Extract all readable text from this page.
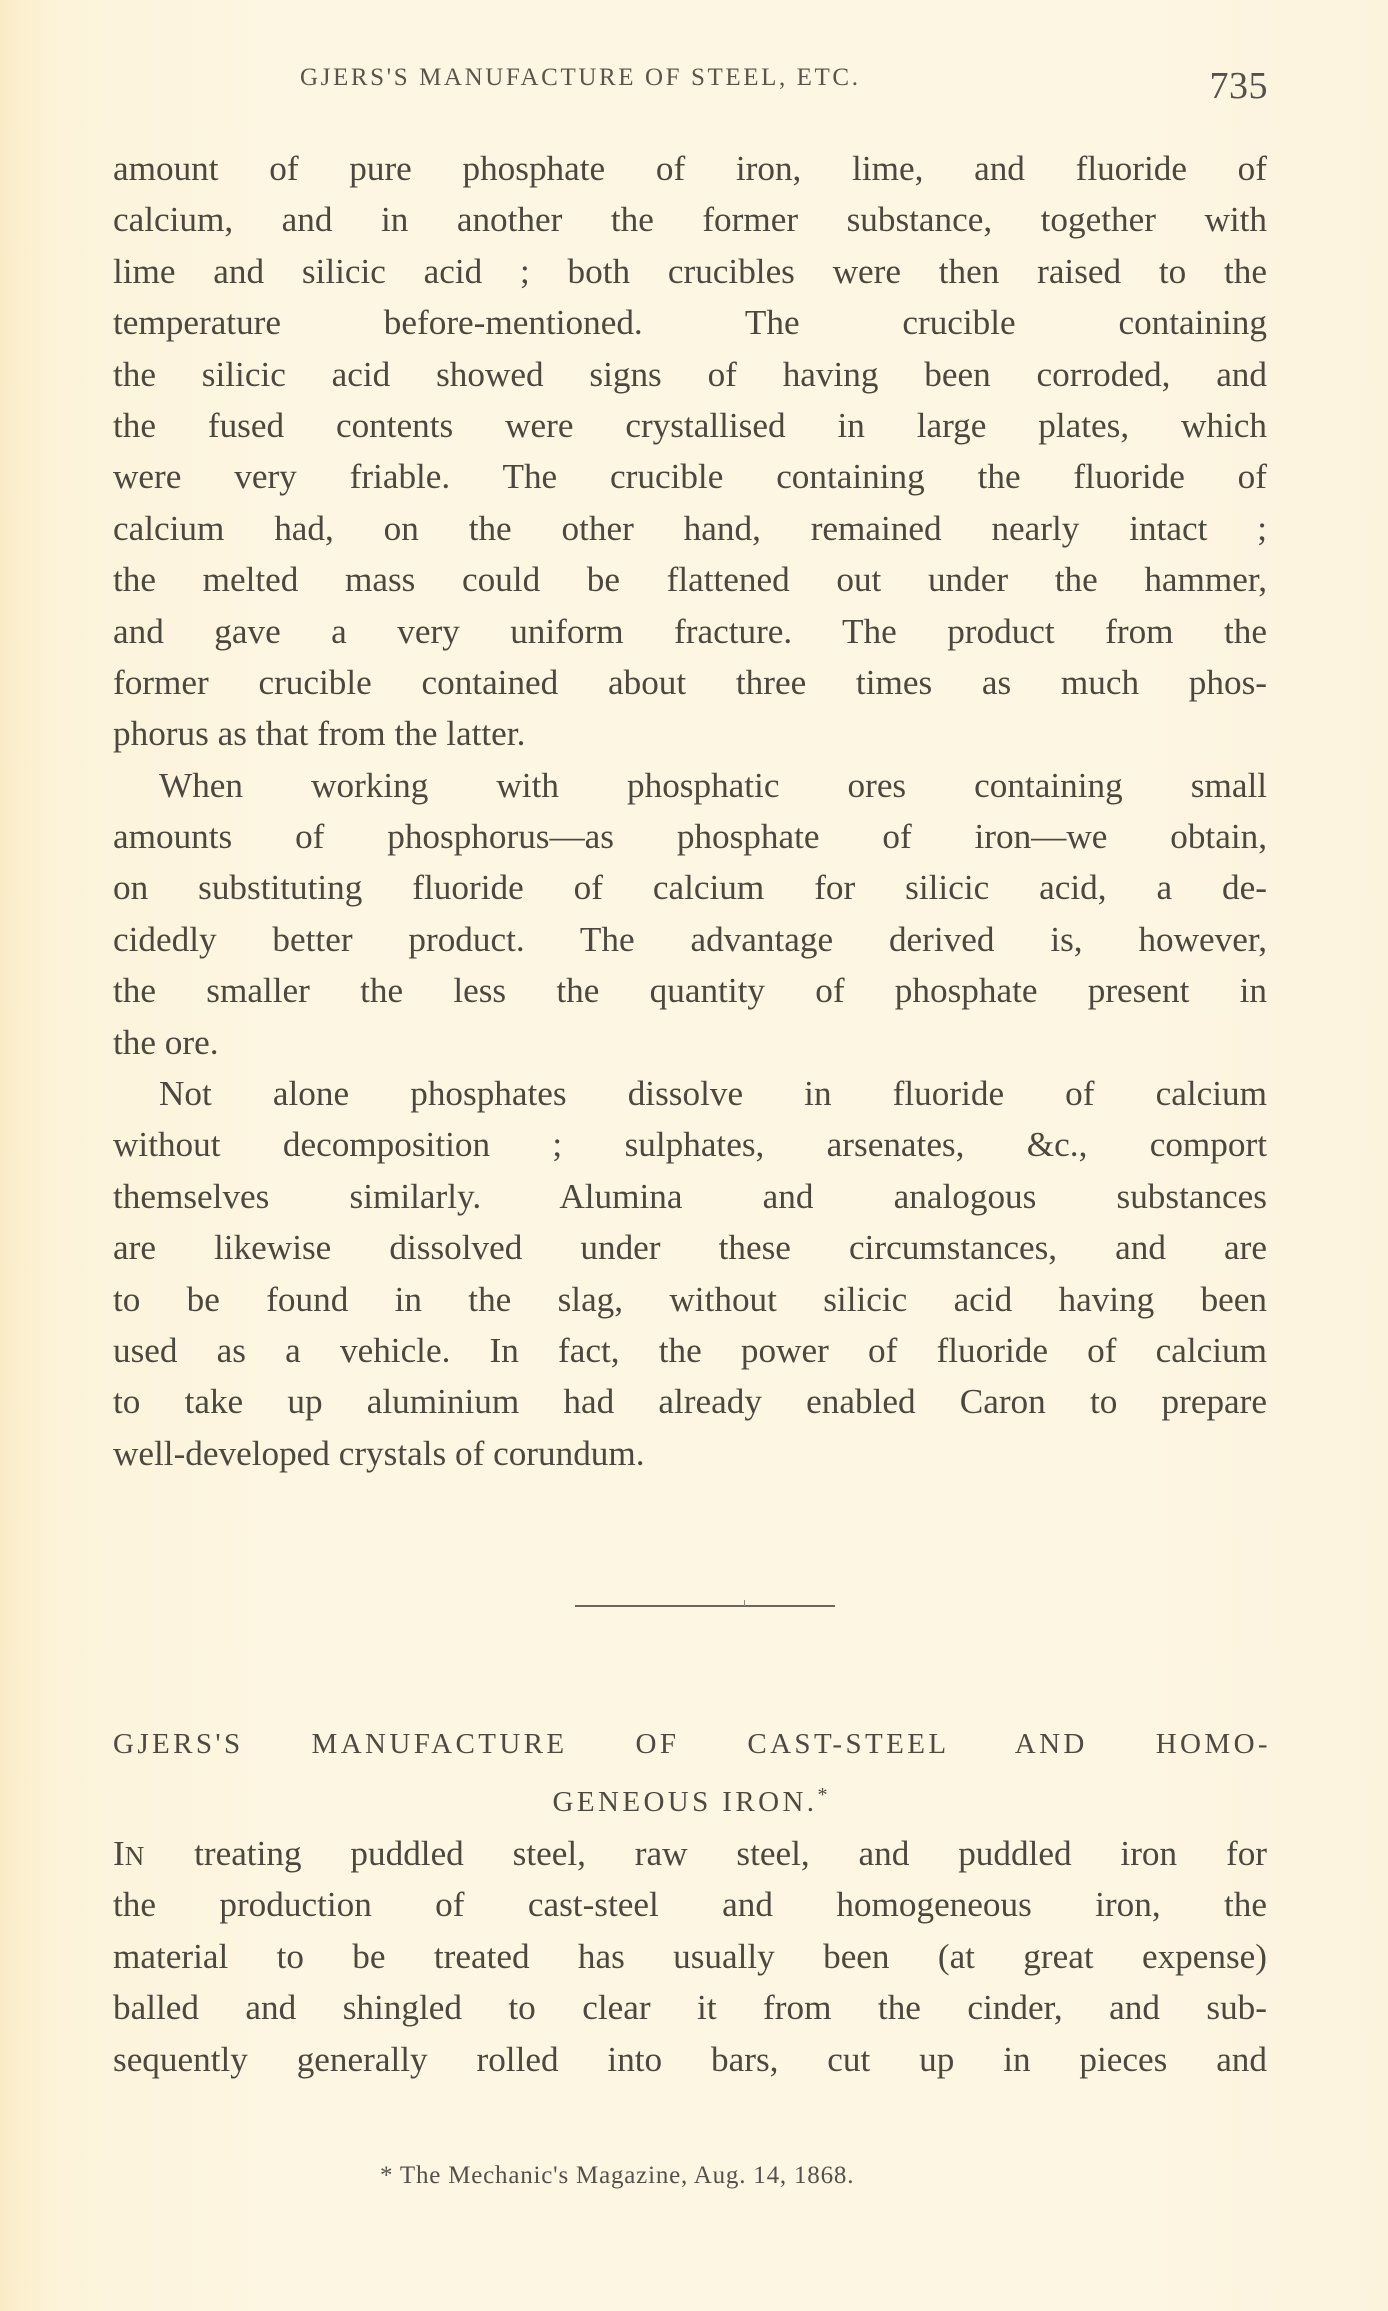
GJERS'S MANUFACTURE OF STEEL, ETC.	735

amount of pure phosphate of iron, lime, and fluoride of
calcium, and in another the former substance, together with
lime and silicic acid ; both crucibles were then raised to the
temperature before-mentioned. The crucible containing
the silicic acid showed signs of having been corroded, and
the fused contents were crystallised in large plates, which
were very friable. The crucible containing the fluoride of
calcium had, on the other hand, remained nearly intact ;
the melted mass could be flattened out under the hammer,
and gave a very uniform fracture. The product from the
former crucible contained about three times as much phos-
phorus as that from the latter.

When working with phosphatic ores containing small
amounts of phosphorus—as phosphate of iron—we obtain,
on substituting fluoride of calcium for silicic acid, a de-
cidedly better product. The advantage derived is, however,
the smaller the less the quantity of phosphate present in
the ore.

Not alone phosphates dissolve in fluoride of calcium
without decomposition ; sulphates, arsenates, &c., comport
themselves similarly. Alumina and analogous substances
are likewise dissolved under these circumstances, and are
to be found in the slag, without silicic acid having been
used as a vehicle. In fact, the power of fluoride of calcium
to take up aluminium had already enabled Caron to prepare
well-developed crystals of corundum.

GJERS'S MANUFACTURE OF CAST-STEEL AND HOMO-
GENEOUS IRON.*

IN treating puddled steel, raw steel, and puddled iron for
the production of cast-steel and homogeneous iron, the
material to be treated has usually been (at great expense)
balled and shingled to clear it from the cinder, and sub-
sequently generally rolled into bars, cut up in pieces and

* The Mechanic's Magazine, Aug. 14, 1868.
